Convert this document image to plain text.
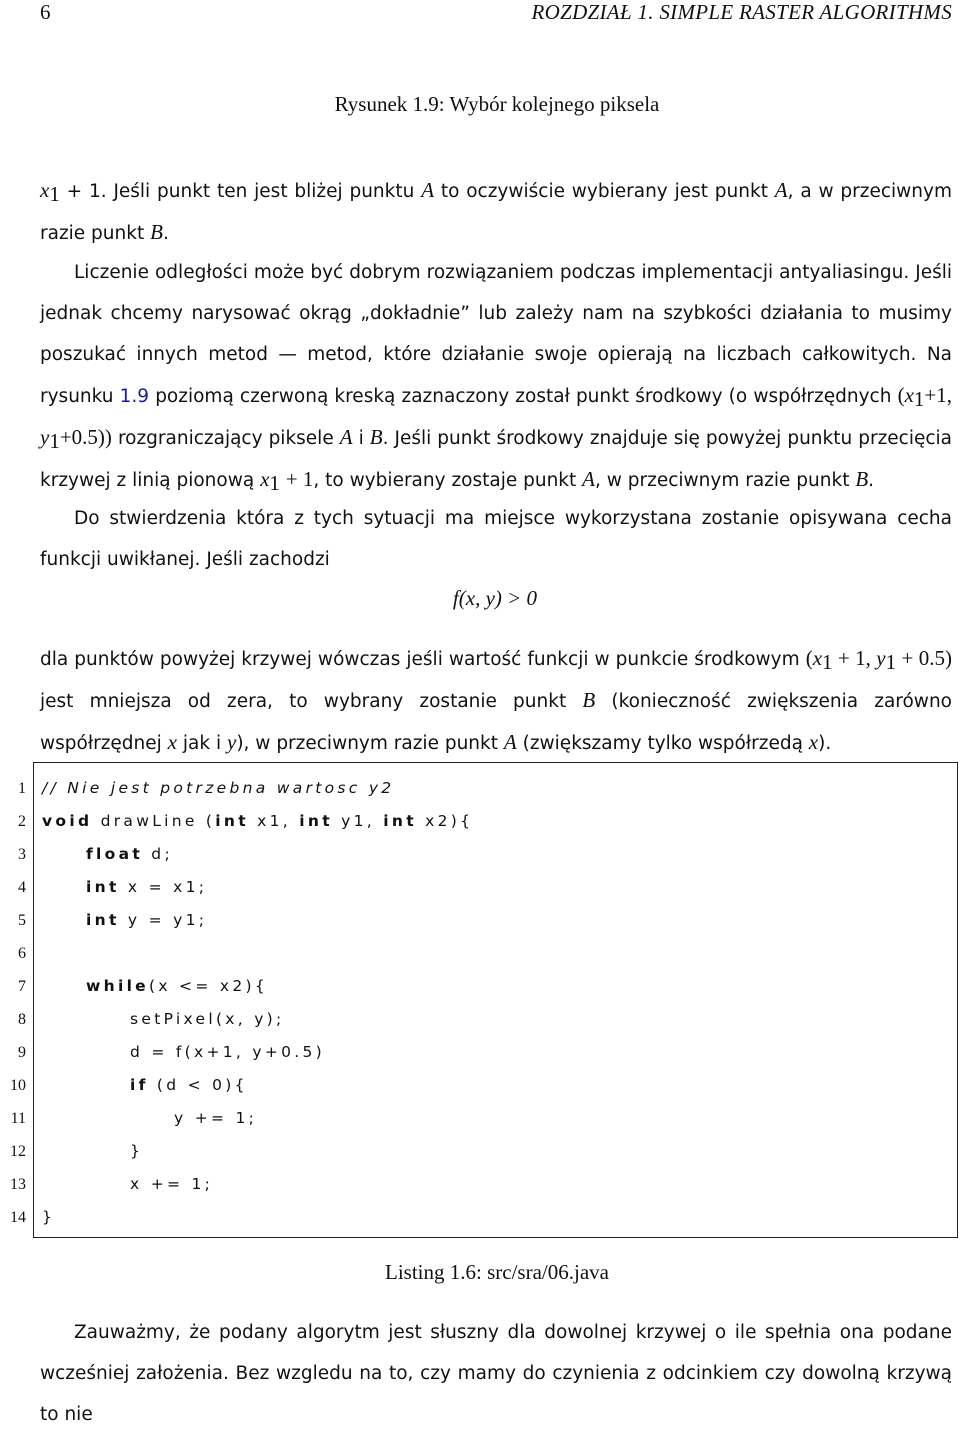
6	ROZDZIAŁ 1. SIMPLE RASTER ALGORITHMS
Rysunek 1.9: Wybór kolejnego piksela

$x_1 + 1$. Jeśli punkt ten jest bliżej punktu A to oczywiście wybierany jest punkt A, a w przeciwnym razie punkt B.

Liczenie odległości może być dobrym rozwiązaniem podczas implementacji antyaliasingu. Jeśli jednak chcemy narysować okrąg „dokładnie” lub zależy nam na szybkości działania to musimy poszukać innych metod — metod, które działanie swoje opierają na liczbach całkowitych. Na rysunku 1.9 poziomą czerwoną kreską zaznaczony został punkt środkowy (o współrzędnych ($x_1+1$, $y_1+0.5$)) rozgraniczający piksele A i B. Jeśli punkt środkowy znajduje się powyżej punktu przecięcia krzywej z linią pionową $x_1 + 1$, to wybierany zostaje punkt A, w przeciwnym razie punkt B.

Do stwierdzenia która z tych sytuacji ma miejsce wykorzystana zostanie opisywana cecha funkcji uwikłanej. Jeśli zachodzi

f(x, y) > 0

dla punktów powyżej krzywej wówczas jeśli wartość funkcji w punkcie środkowym ($x_1 + 1$, $y_1 + 0.5$) jest mniejsza od zera, to wybrany zostanie punkt B (konieczność zwiększenia zarówno współrzędnej x jak i y), w przeciwnym razie punkt A (zwiększamy tylko współrzedą x).

1
2
3
4
5
6
7
8
9
10
11
12
13
14
// Nie jest potrzebna wartosc y2
void drawLine (int x1, int y1, int x2){
float d;
int x = x1;
int y = y1;
while(x <= x2){
setPixel(x, y);
d = f(x+1, y+0.5)
if (d < 0){
y += 1;
}
x += 1;
}
Listing 1.6: src/sra/06.java

Zauważmy, że podany algorytm jest słuszny dla dowolnej krzywej o ile spełnia ona podane wcześniej założenia. Bez wzgledu na to, czy mamy do czynienia z odcinkiem czy dowolną krzywą to nie
